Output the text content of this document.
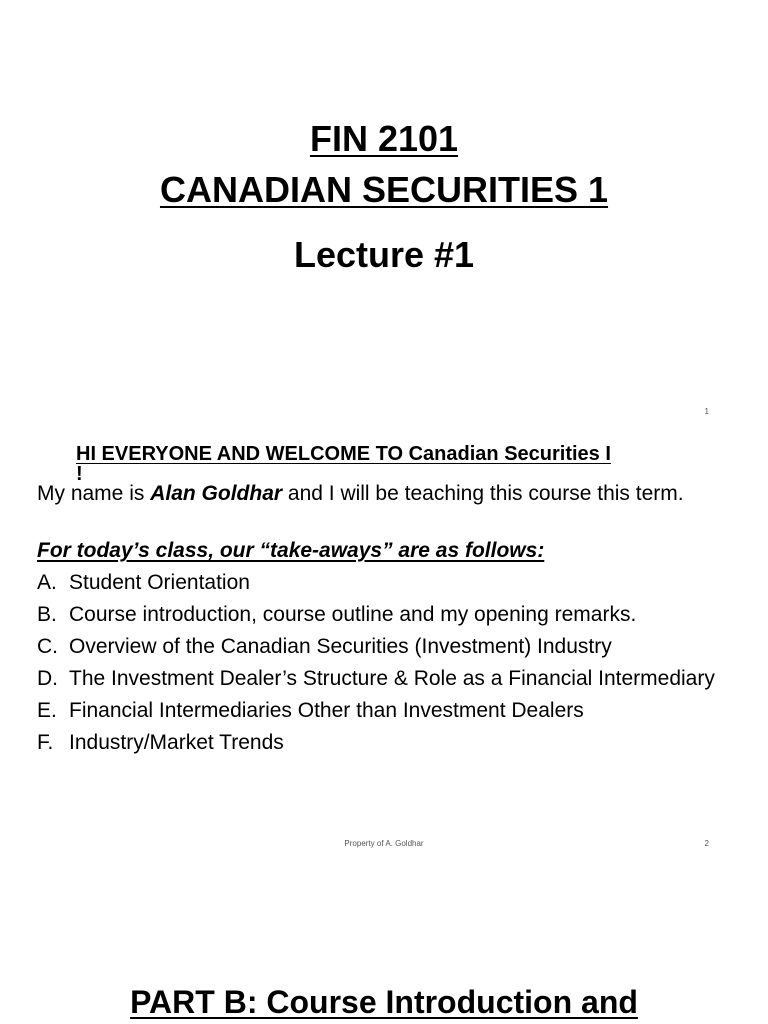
FIN 2101
CANADIAN SECURITIES 1
Lecture #1
1
HI EVERYONE AND WELCOME TO Canadian Securities I
!
My name is Alan Goldhar and I will be teaching this course this term.
For today’s class, our “take-aways” are as follows:
A. Student Orientation
B. Course introduction, course outline and my opening remarks.
C. Overview of the Canadian Securities (Investment) Industry
D. The Investment Dealer’s Structure & Role as a Financial Intermediary
E. Financial Intermediaries Other than Investment Dealers
F. Industry/Market Trends
Property of A. Goldhar	2
PART B: Course Introduction and
